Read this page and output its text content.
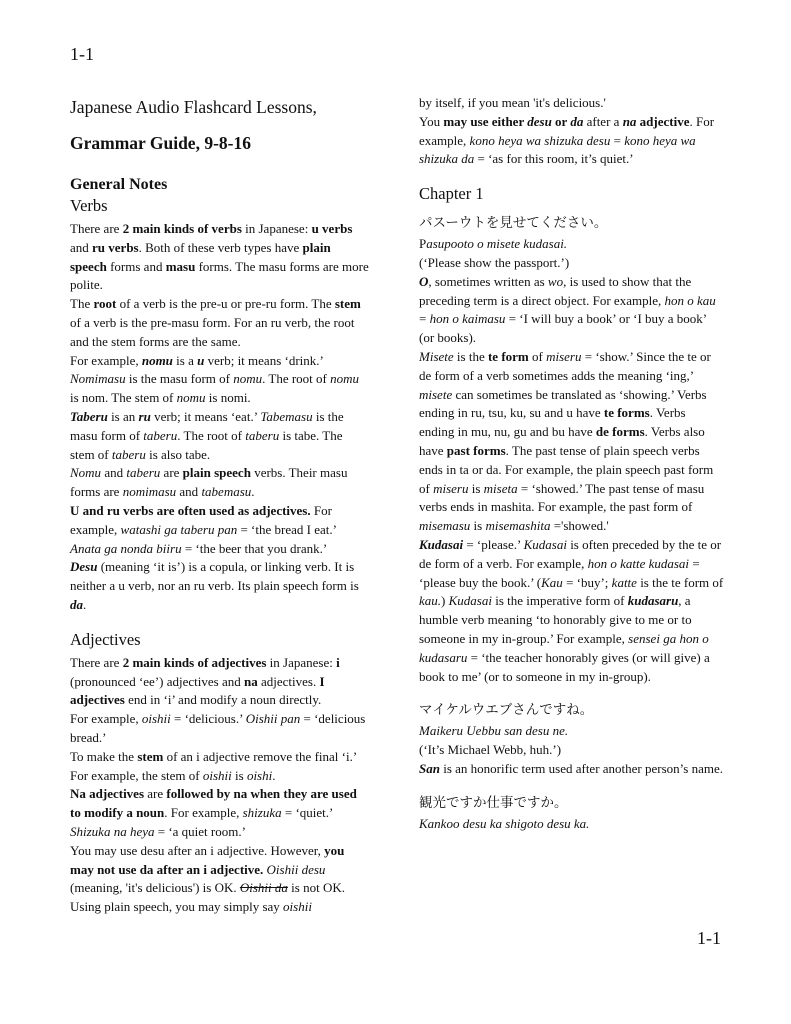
1-1
Japanese Audio Flashcard Lessons,
Grammar Guide, 9-8-16
General Notes
Verbs

There are 2 main kinds of verbs in Japanese: u verbs and ru verbs. Both of these verb types have plain speech forms and masu forms. The masu forms are more polite.

The root of a verb is the pre-u or pre-ru form. The stem of a verb is the pre-masu form. For an ru verb, the root and the stem forms are the same.

For example, nomu is a u verb; it means ‘drink.’ Nomimasu is the masu form of nomu. The root of nomu is nom. The stem of nomu is nomi.

Taberu is an ru verb; it means ‘eat.’ Tabemasu is the masu form of taberu. The root of taberu is tabe. The stem of taberu is also tabe.

Nomu and taberu are plain speech verbs. Their masu forms are nomimasu and tabemasu.

U and ru verbs are often used as adjectives. For example, watashi ga taberu pan = ‘the bread I eat.’ Anata ga nonda biiru = ‘the beer that you drank.’

Desu (meaning ‘it is’) is a copula, or linking verb. It is neither a u verb, nor an ru verb. Its plain speech form is da.

Adjectives

There are 2 main kinds of adjectives in Japanese: i (pronounced ‘ee’) adjectives and na adjectives. I adjectives end in ‘i’ and modify a noun directly.

For example, oishii = ‘delicious.’ Oishii pan = ‘delicious bread.’

To make the stem of an i adjective remove the final ‘i.’ For example, the stem of oishii is oishi.

Na adjectives are followed by na when they are used to modify a noun. For example, shizuka = ‘quiet.’ Shizuka na heya = ‘a quiet room.’

You may use desu after an i adjective. However, you may not use da after an i adjective. Oishii desu (meaning, 'it's delicious') is OK. Oishii da is not OK. Using plain speech, you may simply say oishii

by itself, if you mean 'it's delicious.'

You may use either desu or da after a na adjective. For example, kono heya wa shizuka desu = kono heya wa shizuka da = ‘as for this room, it’s quiet.’

Chapter 1
パスーウトを見せてください。

Pasupooto o misete kudasai.

(‘Please show the passport.’)

O, sometimes written as wo, is used to show that the preceding term is a direct object. For example, hon o kau = hon o kaimasu = ‘I will buy a book’ or ‘I buy a book’ (or books).

Misete is the te form of miseru = ‘show.’ Since the te or de form of a verb sometimes adds the meaning ‘ing,’ misete can sometimes be translated as ‘showing.’ Verbs ending in ru, tsu, ku, su and u have te forms. Verbs ending in mu, nu, gu and bu have de forms. Verbs also have past forms. The past tense of plain speech verbs ends in ta or da. For example, the plain speech past form of miseru is miseta = ‘showed.’ The past tense of masu verbs ends in mashita. For example, the past form of misemasu is misemashita ='showed.'

Kudasai = ‘please.’ Kudasai is often preceded by the te or de form of a verb. For example, hon o katte kudasai = ‘please buy the book.’ (Kau = ‘buy’; katte is the te form of kau.) Kudasai is the imperative form of kudasaru, a humble verb meaning ‘to honorably give to me or to someone in my in-group.’ For example, sensei ga hon o kudasaru = ‘the teacher honorably gives (or will give) a book to me’ (or to someone in my in-group).

マイケルウエブさんですね。

Maikeru Uebbu san desu ne.

(‘It’s Michael Webb, huh.’)

San is an honorific term used after another person’s name.

観光ですか仕事ですか。

Kankoo desu ka shigoto desu ka.

1-1
